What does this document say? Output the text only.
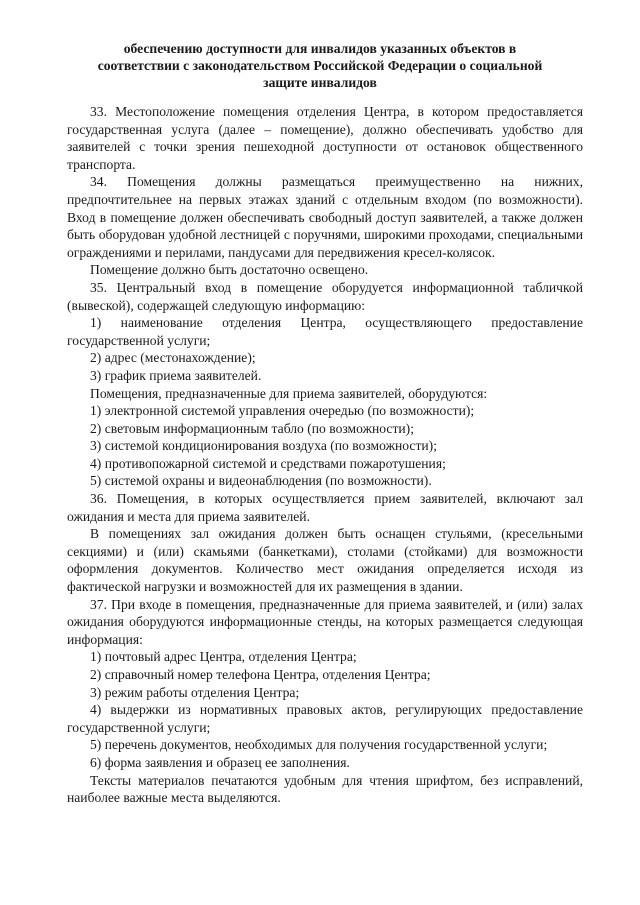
обеспечению доступности для инвалидов указанных объектов в
соответствии с законодательством Российской Федерации о социальной
защите инвалидов

33. Местоположение помещения отделения Центра, в котором предоставляется государственная услуга (далее – помещение), должно обеспечивать удобство для заявителей с точки зрения пешеходной доступности от остановок общественного транспорта.

34. Помещения должны размещаться преимущественно на нижних, предпочтительнее на первых этажах зданий с отдельным входом (по возможности). Вход в помещение должен обеспечивать свободный доступ заявителей, а также должен быть оборудован удобной лестницей с поручнями, широкими проходами, специальными ограждениями и перилами, пандусами для передвижения кресел-колясок.

Помещение должно быть достаточно освещено.

35. Центральный вход в помещение оборудуется информационной табличкой (вывеской), содержащей следующую информацию:

1) наименование отделения Центра, осуществляющего предоставление государственной услуги;

2) адрес (местонахождение);

3) график приема заявителей.

Помещения, предназначенные для приема заявителей, оборудуются:

1) электронной системой управления очередью (по возможности);

2) световым информационным табло (по возможности);

3) системой кондиционирования воздуха (по возможности);

4) противопожарной системой и средствами пожаротушения;

5) системой охраны и видеонаблюдения (по возможности).

36. Помещения, в которых осуществляется прием заявителей, включают зал ожидания и места для приема заявителей.

В помещениях зал ожидания должен быть оснащен стульями, (кресельными секциями) и (или) скамьями (банкетками), столами (стойками) для возможности оформления документов. Количество мест ожидания определяется исходя из фактической нагрузки и возможностей для их размещения в здании.

37. При входе в помещения, предназначенные для приема заявителей, и (или) залах ожидания оборудуются информационные стенды, на которых размещается следующая информация:

1) почтовый адрес Центра, отделения Центра;

2) справочный номер телефона Центра, отделения Центра;

3) режим работы отделения Центра;

4) выдержки из нормативных правовых актов, регулирующих предоставление государственной услуги;

5) перечень документов, необходимых для получения государственной услуги;

6) форма заявления и образец ее заполнения.

Тексты материалов печатаются удобным для чтения шрифтом, без исправлений, наиболее важные места выделяются.
